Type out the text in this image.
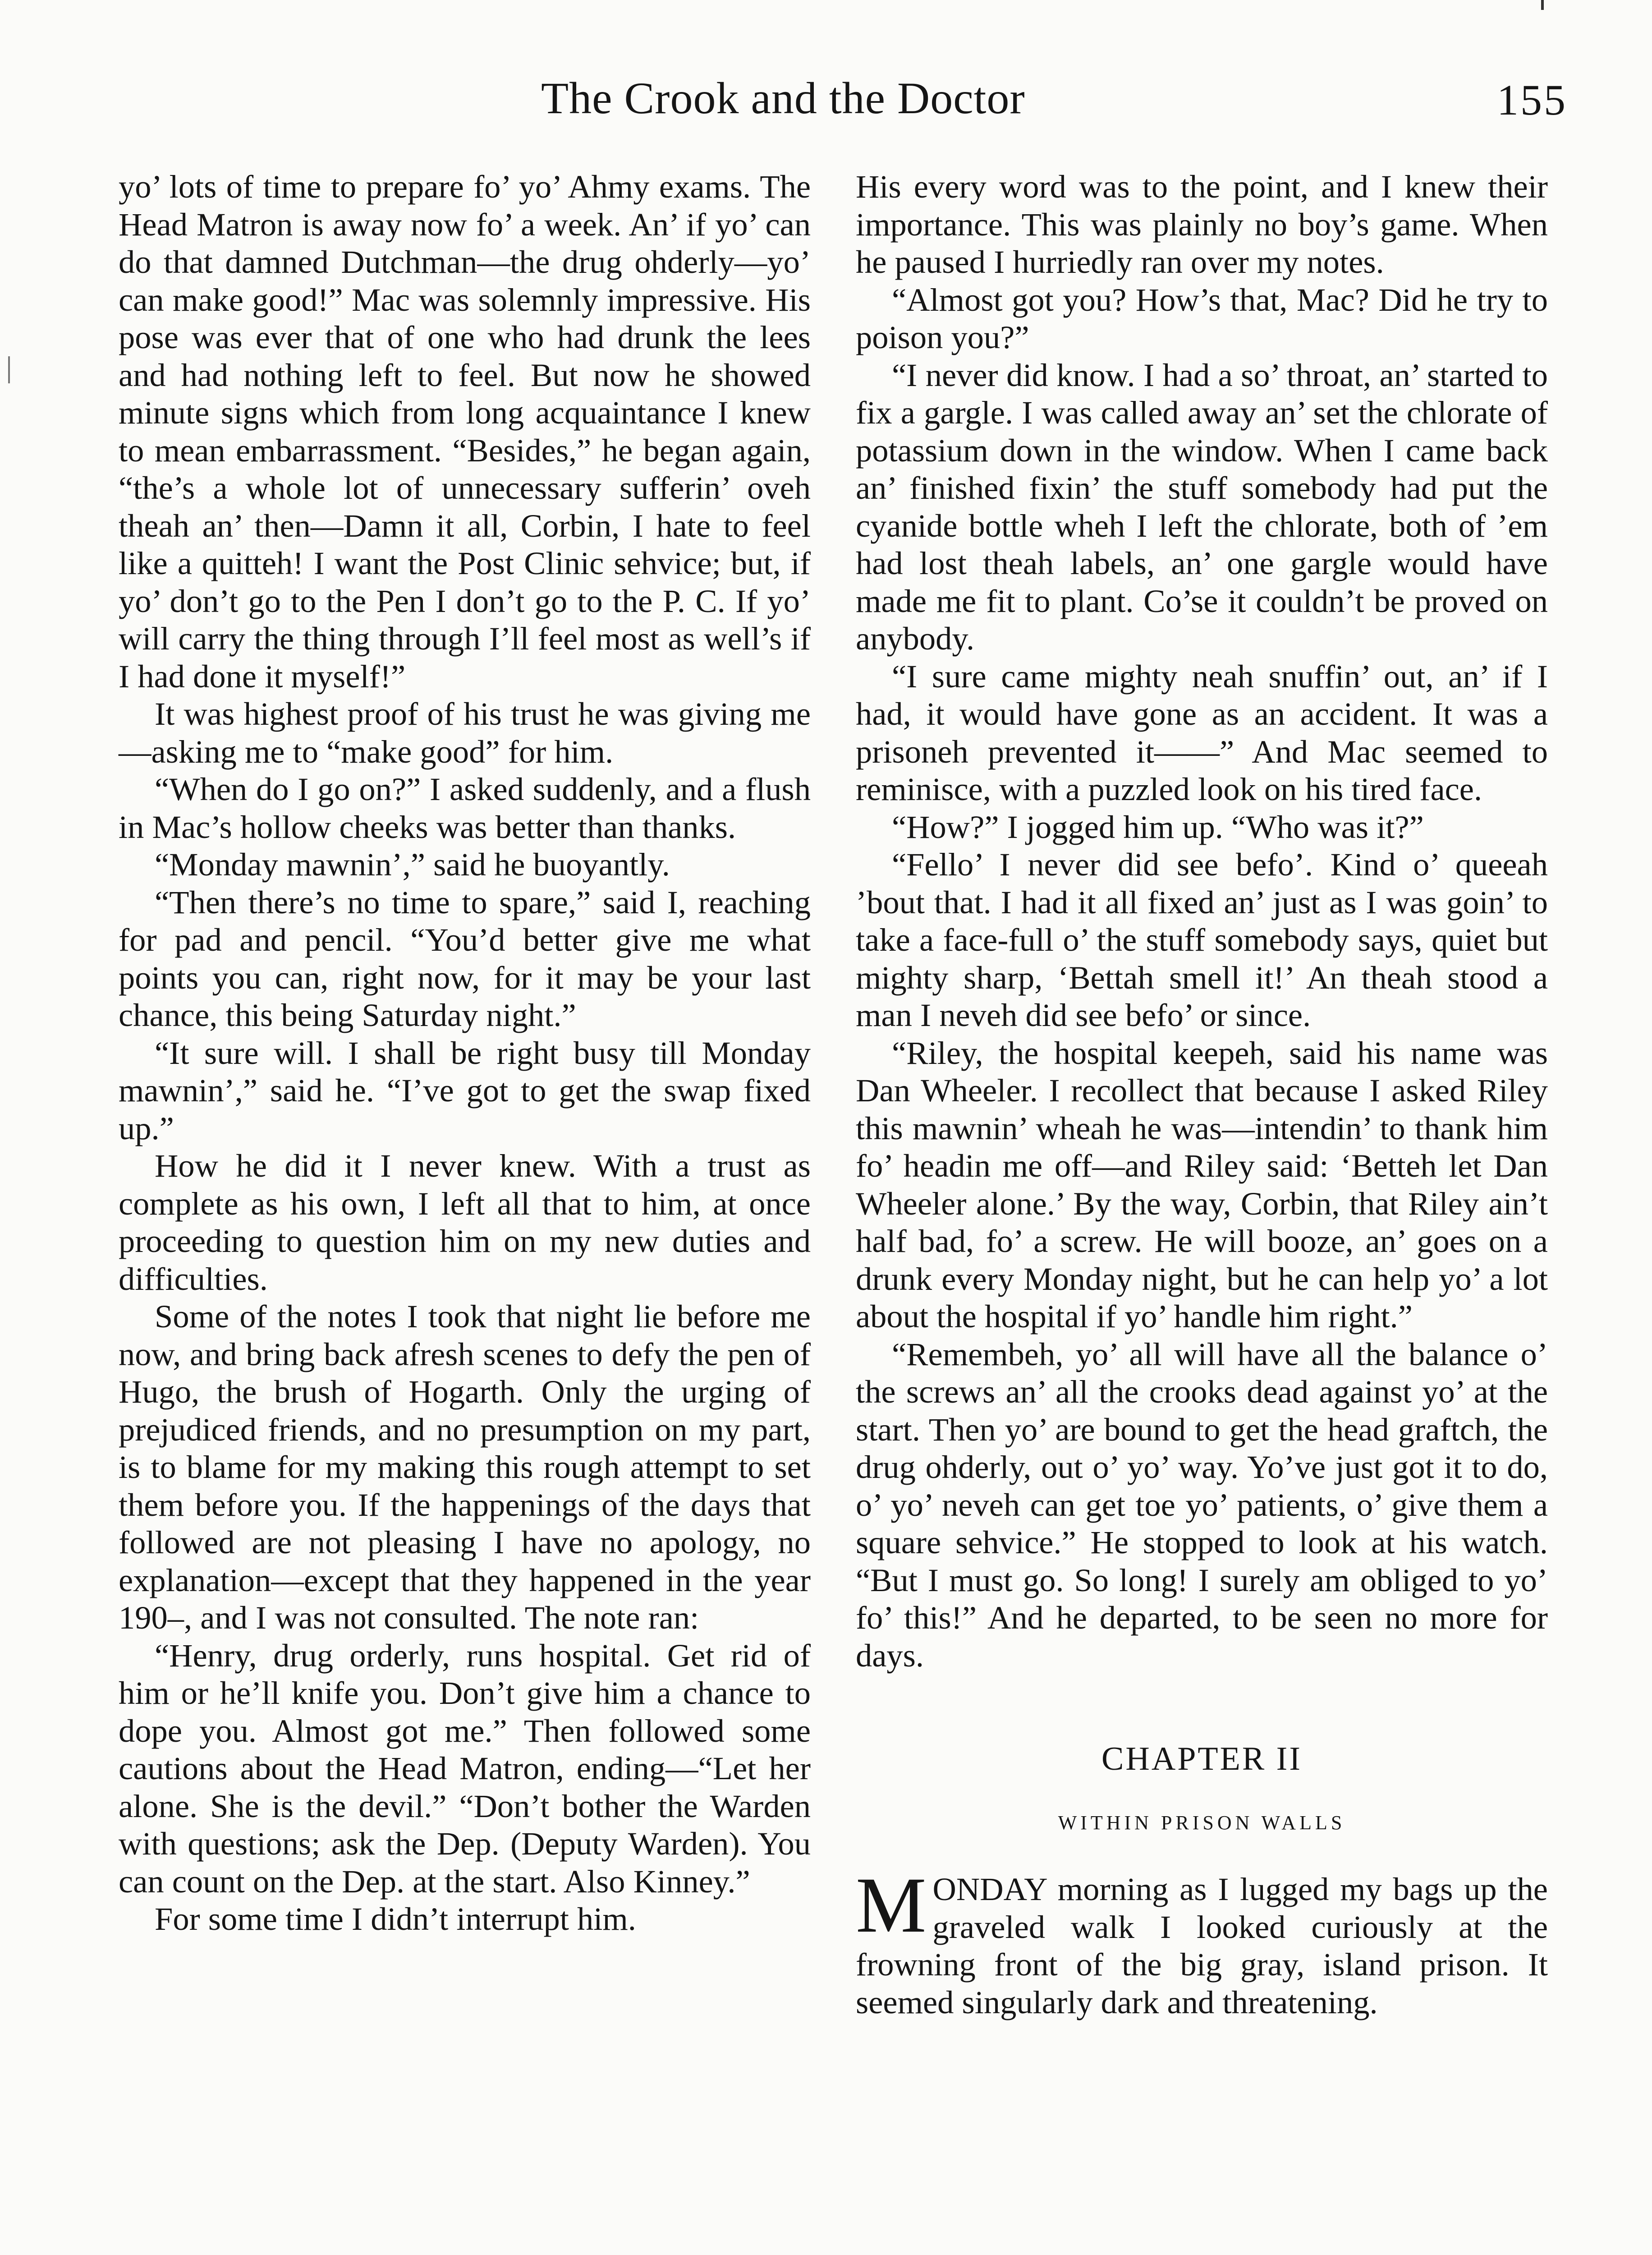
The Crook and the Doctor	155

yo’ lots of time to prepare fo’ yo’ Ahmy exams. The Head Matron is away now fo’ a week. An’ if yo’ can do that damned Dutchman—the drug ohderly—yo’ can make good!” Mac was solemnly impressive. His pose was ever that of one who had drunk the lees and had nothing left to feel. But now he showed minute signs which from long acquaintance I knew to mean embarrassment. “Besides,” he began again, “the’s a whole lot of unnecessary sufferin’ oveh theah an’ then—Damn it all, Corbin, I hate to feel like a quitteh! I want the Post Clinic sehvice; but, if yo’ don’t go to the Pen I don’t go to the P. C. If yo’ will carry the thing through I’ll feel most as well’s if I had done it myself!”

It was highest proof of his trust he was giving me—asking me to “make good” for him.

“When do I go on?” I asked suddenly, and a flush in Mac’s hollow cheeks was better than thanks.

“Monday mawnin’,” said he buoyantly.

“Then there’s no time to spare,” said I, reaching for pad and pencil. “You’d better give me what points you can, right now, for it may be your last chance, this being Saturday night.”

“It sure will. I shall be right busy till Monday mawnin’,” said he. “I’ve got to get the swap fixed up.”

How he did it I never knew. With a trust as complete as his own, I left all that to him, at once proceeding to question him on my new duties and difficulties.

Some of the notes I took that night lie before me now, and bring back afresh scenes to defy the pen of Hugo, the brush of Hogarth. Only the urging of prejudiced friends, and no presumption on my part, is to blame for my making this rough attempt to set them before you. If the happenings of the days that followed are not pleasing I have no apology, no explanation—except that they happened in the year 190–, and I was not consulted. The note ran:

“Henry, drug orderly, runs hospital. Get rid of him or he’ll knife you. Don’t give him a chance to dope you. Almost got me.” Then followed some cautions about the Head Matron, ending—“Let her alone. She is the devil.” “Don’t bother the Warden with questions; ask the Dep. (Deputy Warden). You can count on the Dep. at the start. Also Kinney.”

For some time I didn’t interrupt him.

His every word was to the point, and I knew their importance. This was plainly no boy’s game. When he paused I hurriedly ran over my notes.

“Almost got you? How’s that, Mac? Did he try to poison you?”

“I never did know. I had a so’ throat, an’ started to fix a gargle. I was called away an’ set the chlorate of potassium down in the window. When I came back an’ finished fixin’ the stuff somebody had put the cyanide bottle wheh I left the chlorate, both of ’em had lost theah labels, an’ one gargle would have made me fit to plant. Co’se it couldn’t be proved on anybody.

“I sure came mighty neah snuffin’ out, an’ if I had, it would have gone as an accident. It was a prisoneh prevented it——” And Mac seemed to reminisce, with a puzzled look on his tired face.

“How?” I jogged him up. “Who was it?”

“Fello’ I never did see befo’. Kind o’ queeah ’bout that. I had it all fixed an’ just as I was goin’ to take a face-full o’ the stuff somebody says, quiet but mighty sharp, ‘Bettah smell it!’ An theah stood a man I neveh did see befo’ or since.

“Riley, the hospital keepeh, said his name was Dan Wheeler. I recollect that because I asked Riley this mawnin’ wheah he was—intendin’ to thank him fo’ headin me off—and Riley said: ‘Betteh let Dan Wheeler alone.’ By the way, Corbin, that Riley ain’t half bad, fo’ a screw. He will booze, an’ goes on a drunk every Monday night, but he can help yo’ a lot about the hospital if yo’ handle him right.”

“Remembeh, yo’ all will have all the balance o’ the screws an’ all the crooks dead against yo’ at the start. Then yo’ are bound to get the head graftch, the drug ohderly, out o’ yo’ way. Yo’ve just got it to do, o’ yo’ neveh can get toe yo’ patients, o’ give them a square sehvice.” He stopped to look at his watch. “But I must go. So long! I surely am obliged to yo’ fo’ this!” And he departed, to be seen no more for days.

CHAPTER II
WITHIN PRISON WALLS

M ONDAY morning as I lugged my bags up the graveled walk I looked curiously at the frowning front of the big gray, island prison. It seemed singularly dark and threatening.
